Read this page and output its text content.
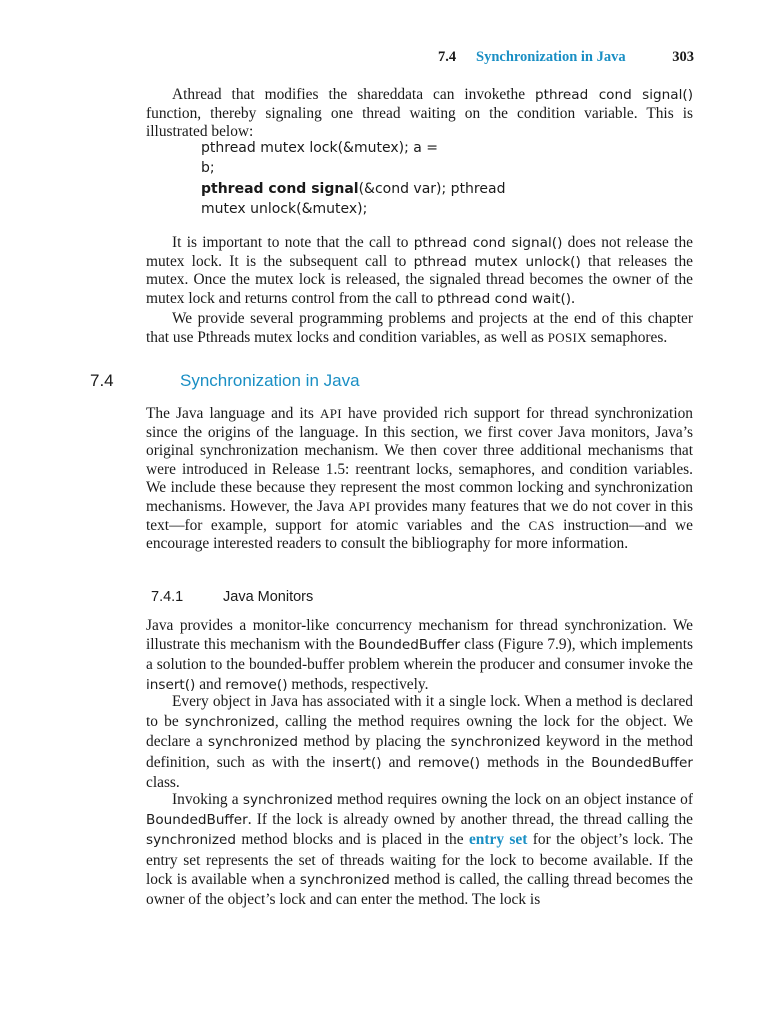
7.4 Synchronization in Java	303

Athread that modifies the shareddata can invokethe pthread cond signal() function, thereby signaling one thread waiting on the condition variable. This is illustrated below:

pthread mutex lock(&mutex); a =
b;
pthread cond signal(&cond var); pthread
mutex unlock(&mutex);

It is important to note that the call to pthread cond signal() does not release the mutex lock. It is the subsequent call to pthread mutex unlock() that releases the mutex. Once the mutex lock is released, the signaled thread becomes the owner of the mutex lock and returns control from the call to pthread cond wait().

We provide several programming problems and projects at the end of this chapter that use Pthreads mutex locks and condition variables, as well as POSIX semaphores.

7.4	Synchronization in Java

The Java language and its API have provided rich support for thread synchronization since the origins of the language. In this section, we first cover Java monitors, Java’s original synchronization mechanism. We then cover three additional mechanisms that were introduced in Release 1.5: reentrant locks, semaphores, and condition variables. We include these because they represent the most common locking and synchronization mechanisms. However, the Java API provides many features that we do not cover in this text—for example, support for atomic variables and the CAS instruction—and we encourage interested readers to consult the bibliography for more information.

7.4.1	Java Monitors

Java provides a monitor-like concurrency mechanism for thread synchronization. We illustrate this mechanism with the BoundedBuffer class (Figure 7.9), which implements a solution to the bounded-buffer problem wherein the producer and consumer invoke the insert() and remove() methods, respectively.

Every object in Java has associated with it a single lock. When a method is declared to be synchronized, calling the method requires owning the lock for the object. We declare a synchronized method by placing the synchronized keyword in the method definition, such as with the insert() and remove() methods in the BoundedBuffer class.

Invoking a synchronized method requires owning the lock on an object instance of BoundedBuffer. If the lock is already owned by another thread, the thread calling the synchronized method blocks and is placed in the entry set for the object’s lock. The entry set represents the set of threads waiting for the lock to become available. If the lock is available when a synchronized method is called, the calling thread becomes the owner of the object’s lock and can enter the method. The lock is
